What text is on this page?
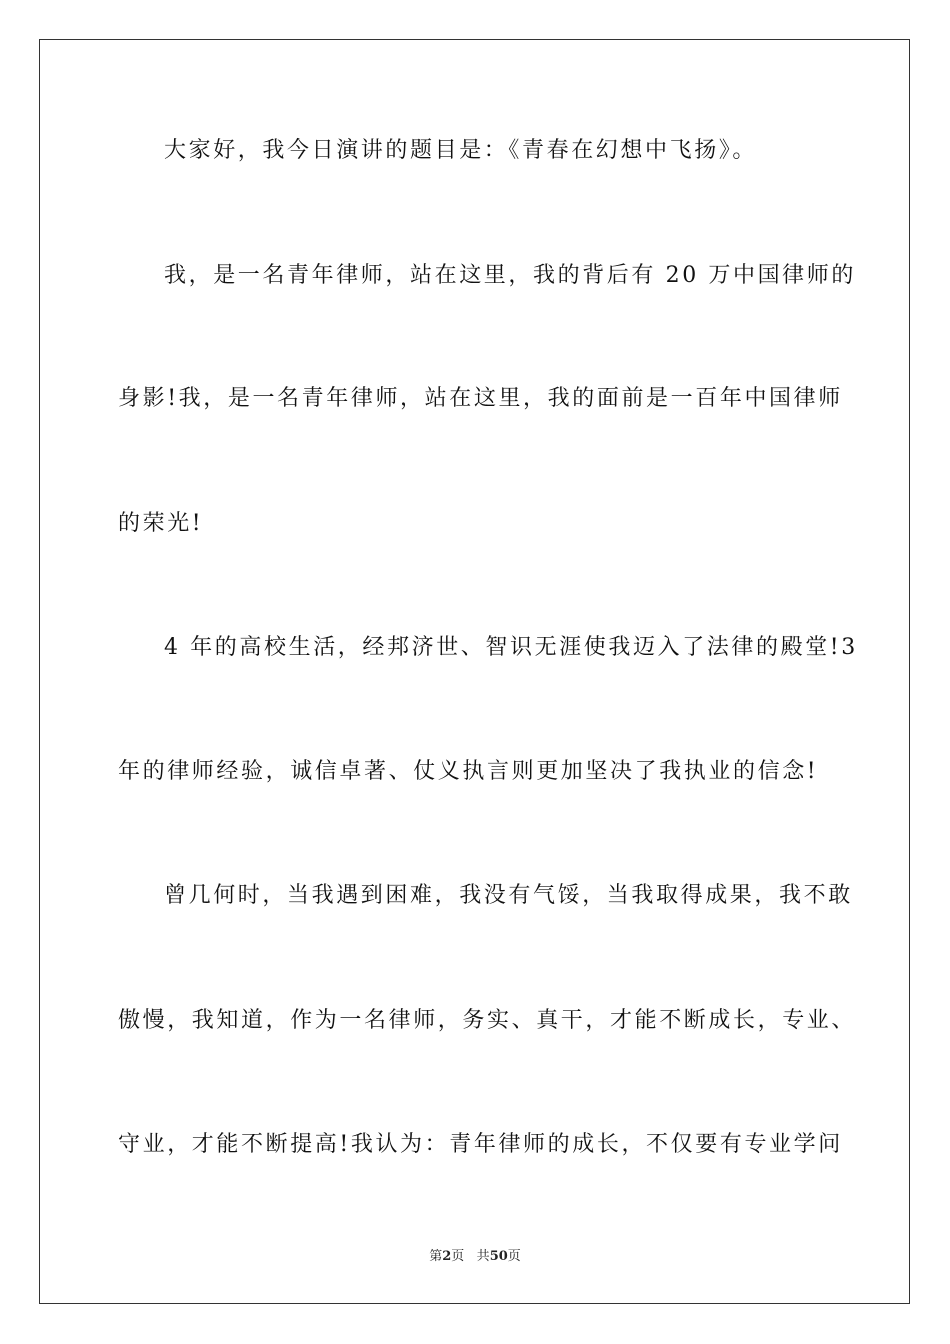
大家好，我今日演讲的题目是：《青春在幻想中飞扬》。
我，是一名青年律师，站在这里，我的背后有 20 万中国律师的
身影!我，是一名青年律师，站在这里，我的面前是一百年中国律师
的荣光!
4 年的高校生活，经邦济世、智识无涯使我迈入了法律的殿堂!3
年的律师经验，诚信卓著、仗义执言则更加坚决了我执业的信念!
曾几何时，当我遇到困难，我没有气馁，当我取得成果，我不敢
傲慢，我知道，作为一名律师，务实、真干，才能不断成长，专业、
守业，才能不断提高!我认为：青年律师的成长，不仅要有专业学问
第2页 共50页
